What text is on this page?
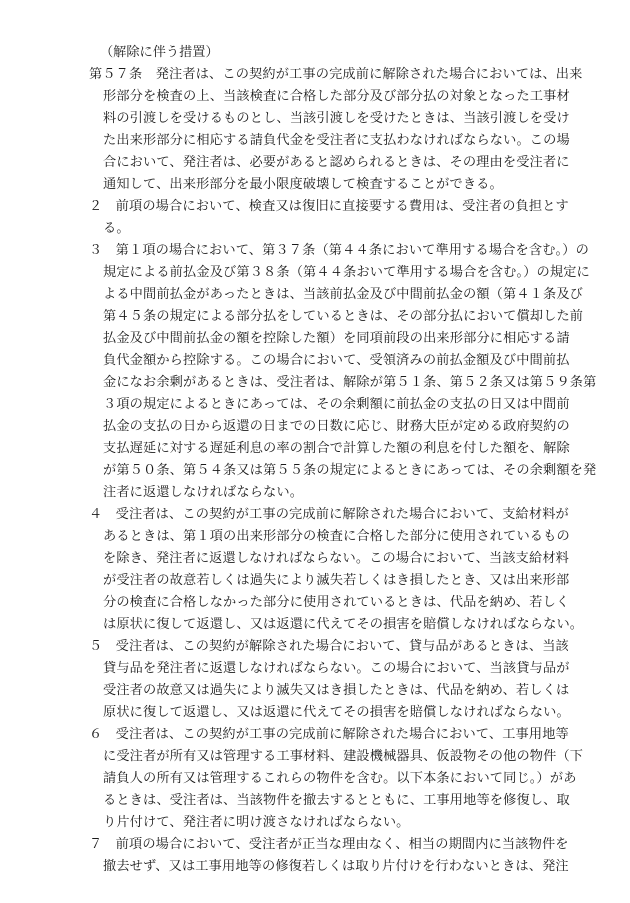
（解除に伴う措置）
第５７条　発注者は、この契約が工事の完成前に解除された場合においては、出来
形部分を検査の上、当該検査に合格した部分及び部分払の対象となった工事材
料の引渡しを受けるものとし、当該引渡しを受けたときは、当該引渡しを受け
た出来形部分に相応する請負代金を受注者に支払わなければならない。この場
合において、発注者は、必要があると認められるときは、その理由を受注者に
通知して、出来形部分を最小限度破壊して検査することができる。
２　前項の場合において、検査又は復旧に直接要する費用は、受注者の負担とす
る。
３　第１項の場合において、第３７条（第４４条において準用する場合を含む。）の
規定による前払金及び第３８条（第４４条おいて準用する場合を含む。）の規定に
よる中間前払金があったときは、当該前払金及び中間前払金の額（第４１条及び
第４５条の規定による部分払をしているときは、その部分払において償却した前
払金及び中間前払金の額を控除した額）を同項前段の出来形部分に相応する請
負代金額から控除する。この場合において、受領済みの前払金額及び中間前払
金になお余剰があるときは、受注者は、解除が第５１条、第５２条又は第５９条第
３項の規定によるときにあっては、その余剰額に前払金の支払の日又は中間前
払金の支払の日から返還の日までの日数に応じ、財務大臣が定める政府契約の
支払遅延に対する遅延利息の率の割合で計算した額の利息を付した額を、解除
が第５０条、第５４条又は第５５条の規定によるときにあっては、その余剰額を発
注者に返還しなければならない。
４　受注者は、この契約が工事の完成前に解除された場合において、支給材料が
あるときは、第１項の出来形部分の検査に合格した部分に使用されているもの
を除き、発注者に返還しなければならない。この場合において、当該支給材料
が受注者の故意若しくは過失により滅失若しくはき損したとき、又は出来形部
分の検査に合格しなかった部分に使用されているときは、代品を納め、若しく
は原状に復して返還し、又は返還に代えてその損害を賠償しなければならない。
５　受注者は、この契約が解除された場合において、貸与品があるときは、当該
貸与品を発注者に返還しなければならない。この場合において、当該貸与品が
受注者の故意又は過失により滅失又はき損したときは、代品を納め、若しくは
原状に復して返還し、又は返還に代えてその損害を賠償しなければならない。
６　受注者は、この契約が工事の完成前に解除された場合において、工事用地等
に受注者が所有又は管理する工事材料、建設機械器具、仮設物その他の物件（下
請負人の所有又は管理するこれらの物件を含む。以下本条において同じ。）があ
るときは、受注者は、当該物件を撤去するとともに、工事用地等を修復し、取
り片付けて、発注者に明け渡さなければならない。
７　前項の場合において、受注者が正当な理由なく、相当の期間内に当該物件を
撤去せず、又は工事用地等の修復若しくは取り片付けを行わないときは、発注
